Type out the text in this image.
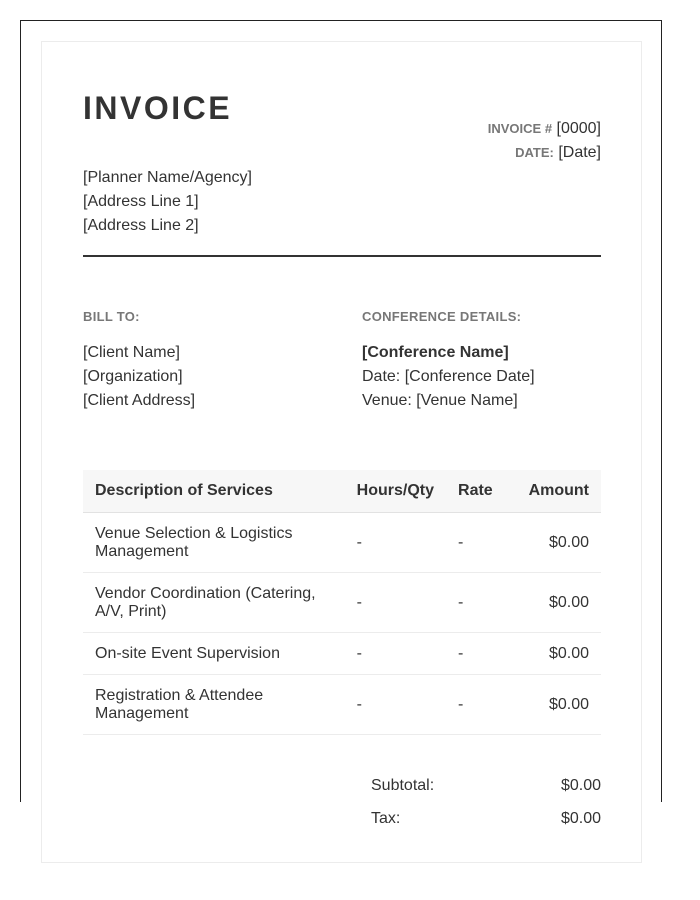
INVOICE
INVOICE # [0000]
DATE: [Date]
[Planner Name/Agency]
[Address Line 1]
[Address Line 2]
BILL TO:
[Client Name]
[Organization]
[Client Address]
CONFERENCE DETAILS:
[Conference Name]
Date: [Conference Date]
Venue: [Venue Name]
Description of Services	Hours/Qty	Rate	Amount
Venue Selection & Logistics Management	-	-	$0.00
Vendor Coordination (Catering, A/V, Print)	-	-	$0.00
On-site Event Supervision	-	-	$0.00
Registration & Attendee Management	-	-	$0.00
Subtotal:	$0.00
Tax:	$0.00
